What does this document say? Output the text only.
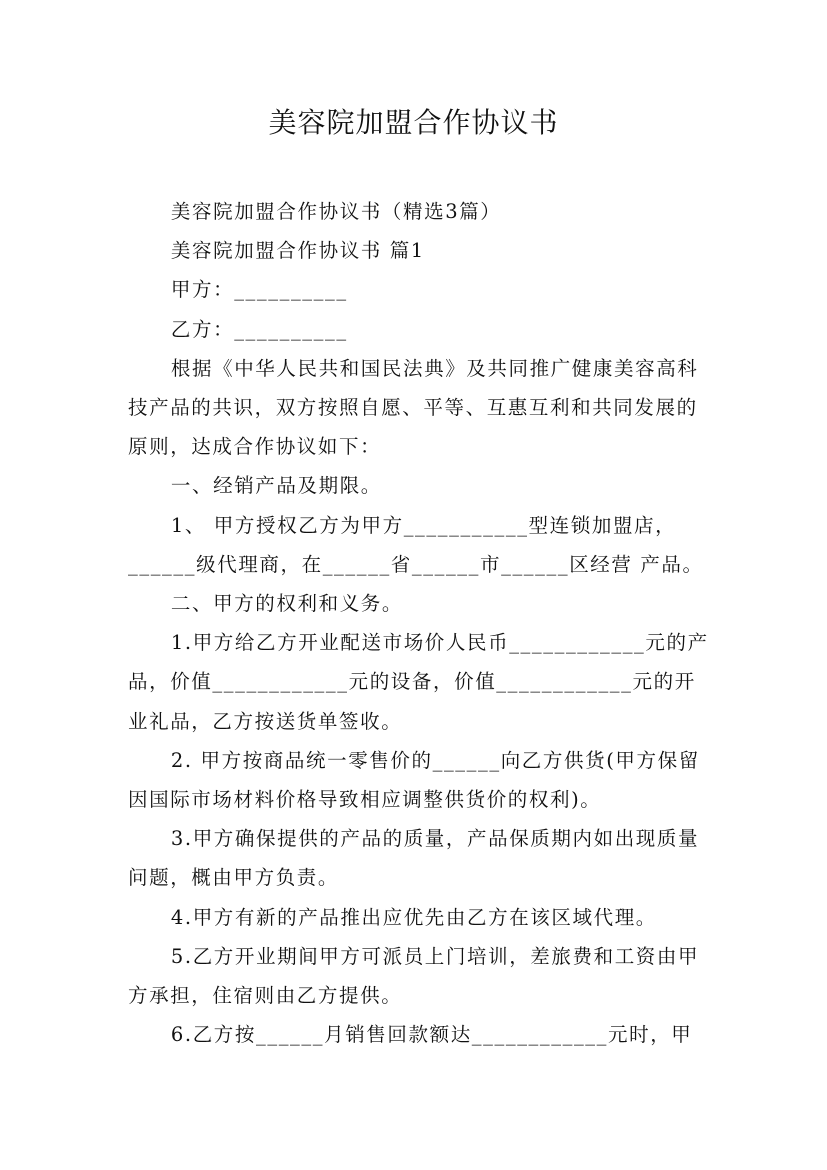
美容院加盟合作协议书

美容院加盟合作协议书（精选3篇）

美容院加盟合作协议书 篇1

甲方：__________

乙方：__________

根据《中华人民共和国民法典》及共同推广健康美容高科技产品的共识，双方按照自愿、平等、互惠互利和共同发展的原则，达成合作协议如下：

一、经销产品及期限。

1、 甲方授权乙方为甲方___________型连锁加盟店，______级代理商，在______省______市______区经营 产品。

二、甲方的权利和义务。

1.甲方给乙方开业配送市场价人民币____________元的产品，价值____________元的设备，价值____________元的开业礼品，乙方按送货单签收。

2. 甲方按商品统一零售价的______向乙方供货(甲方保留因国际市场材料价格导致相应调整供货价的权利)。

3.甲方确保提供的产品的质量，产品保质期内如出现质量问题，概由甲方负责。

4.甲方有新的产品推出应优先由乙方在该区域代理。

5.乙方开业期间甲方可派员上门培训，差旅费和工资由甲方承担，住宿则由乙方提供。

6.乙方按______月销售回款额达____________元时，甲
